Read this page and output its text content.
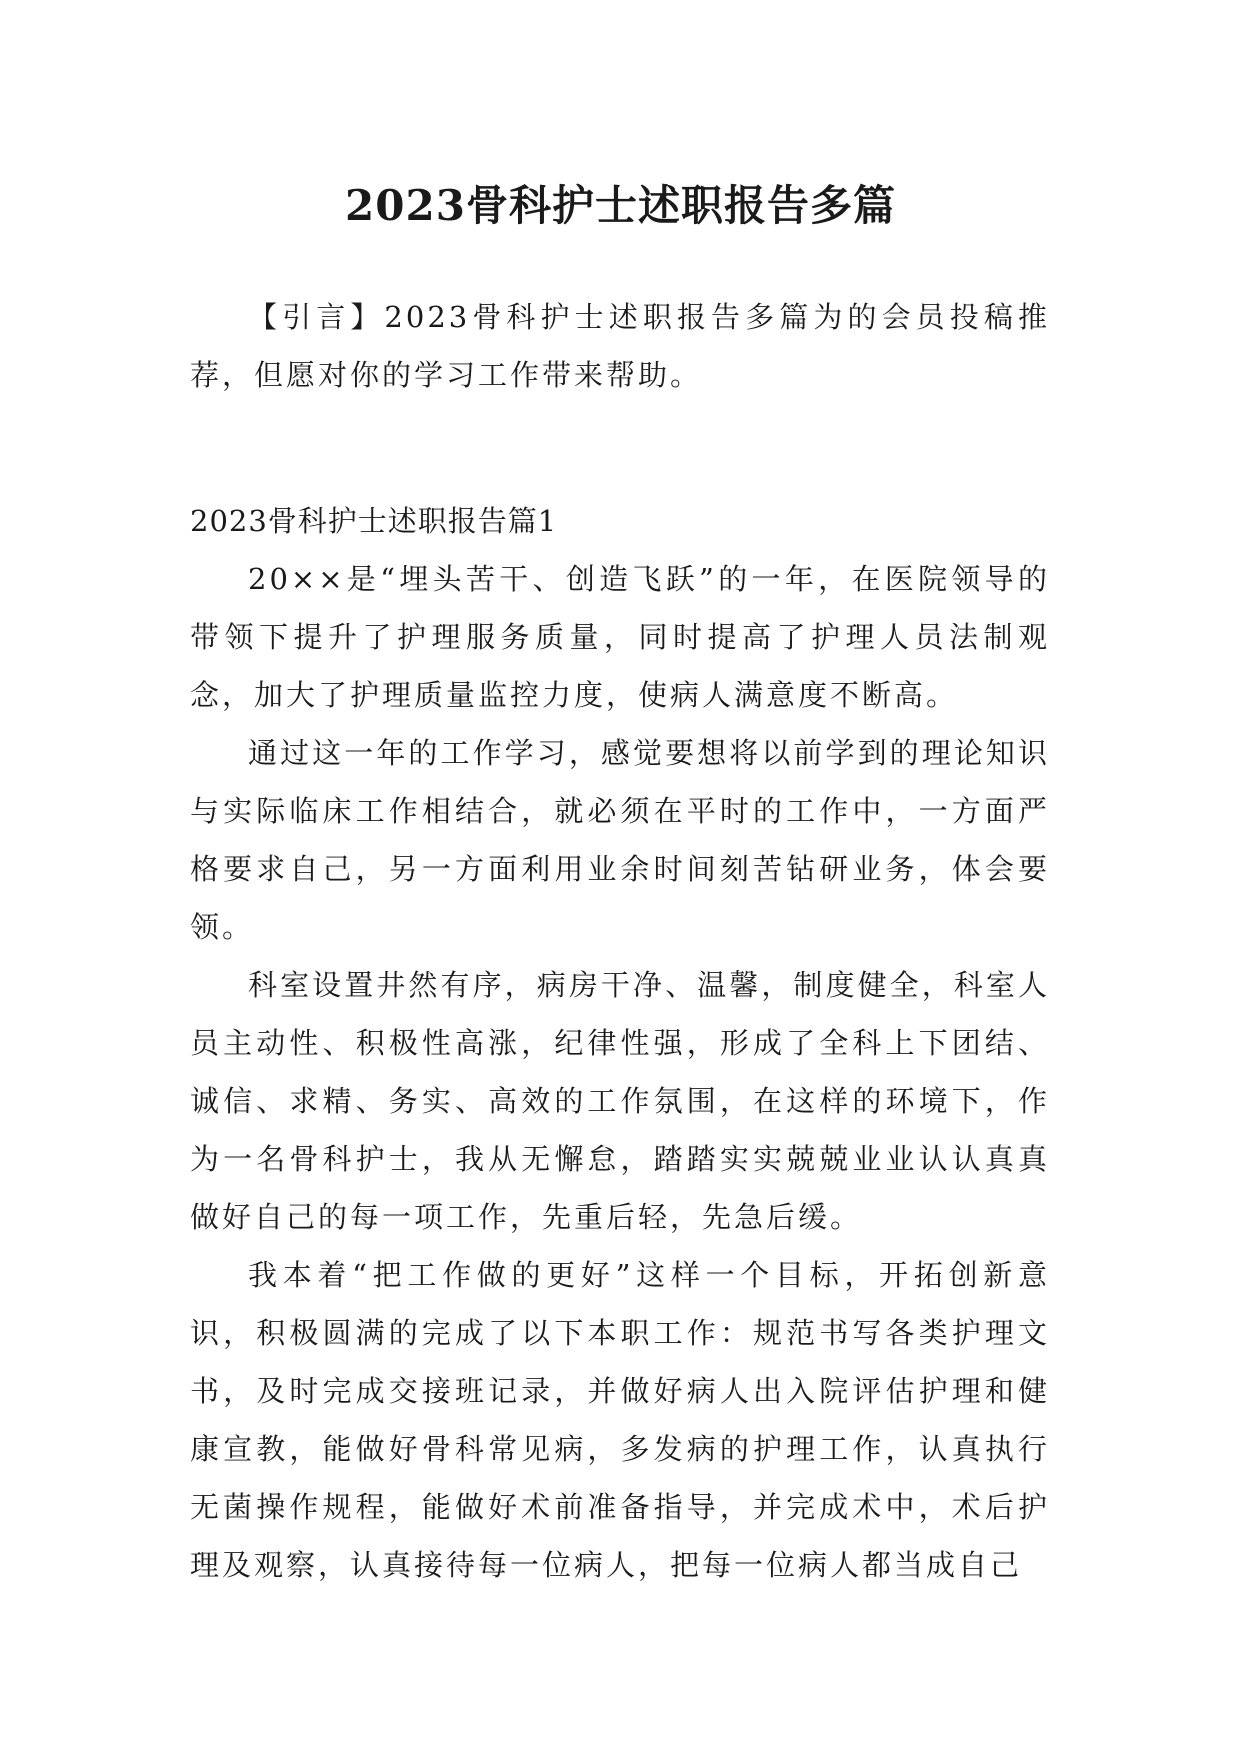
2023骨科护士述职报告多篇

【引言】2023骨科护士述职报告多篇为的会员投稿推荐，但愿对你的学习工作带来帮助。

2023骨科护士述职报告篇1

20××是“埋头苦干、创造飞跃”的一年，在医院领导的带领下提升了护理服务质量，同时提高了护理人员法制观念，加大了护理质量监控力度，使病人满意度不断高。

通过这一年的工作学习，感觉要想将以前学到的理论知识与实际临床工作相结合，就必须在平时的工作中，一方面严格要求自己，另一方面利用业余时间刻苦钻研业务，体会要领。

科室设置井然有序，病房干净、温馨，制度健全，科室人员主动性、积极性高涨，纪律性强，形成了全科上下团结、诚信、求精、务实、高效的工作氛围，在这样的环境下，作为一名骨科护士，我从无懈怠，踏踏实实兢兢业业认认真真做好自己的每一项工作，先重后轻，先急后缓。

我本着“把工作做的更好”这样一个目标，开拓创新意识，积极圆满的完成了以下本职工作：规范书写各类护理文书，及时完成交接班记录，并做好病人出入院评估护理和健康宣教，能做好骨科常见病，多发病的护理工作，认真执行无菌操作规程，能做好术前准备指导，并完成术中，术后护理及观察，认真接待每一位病人，把每一位病人都当成自己
